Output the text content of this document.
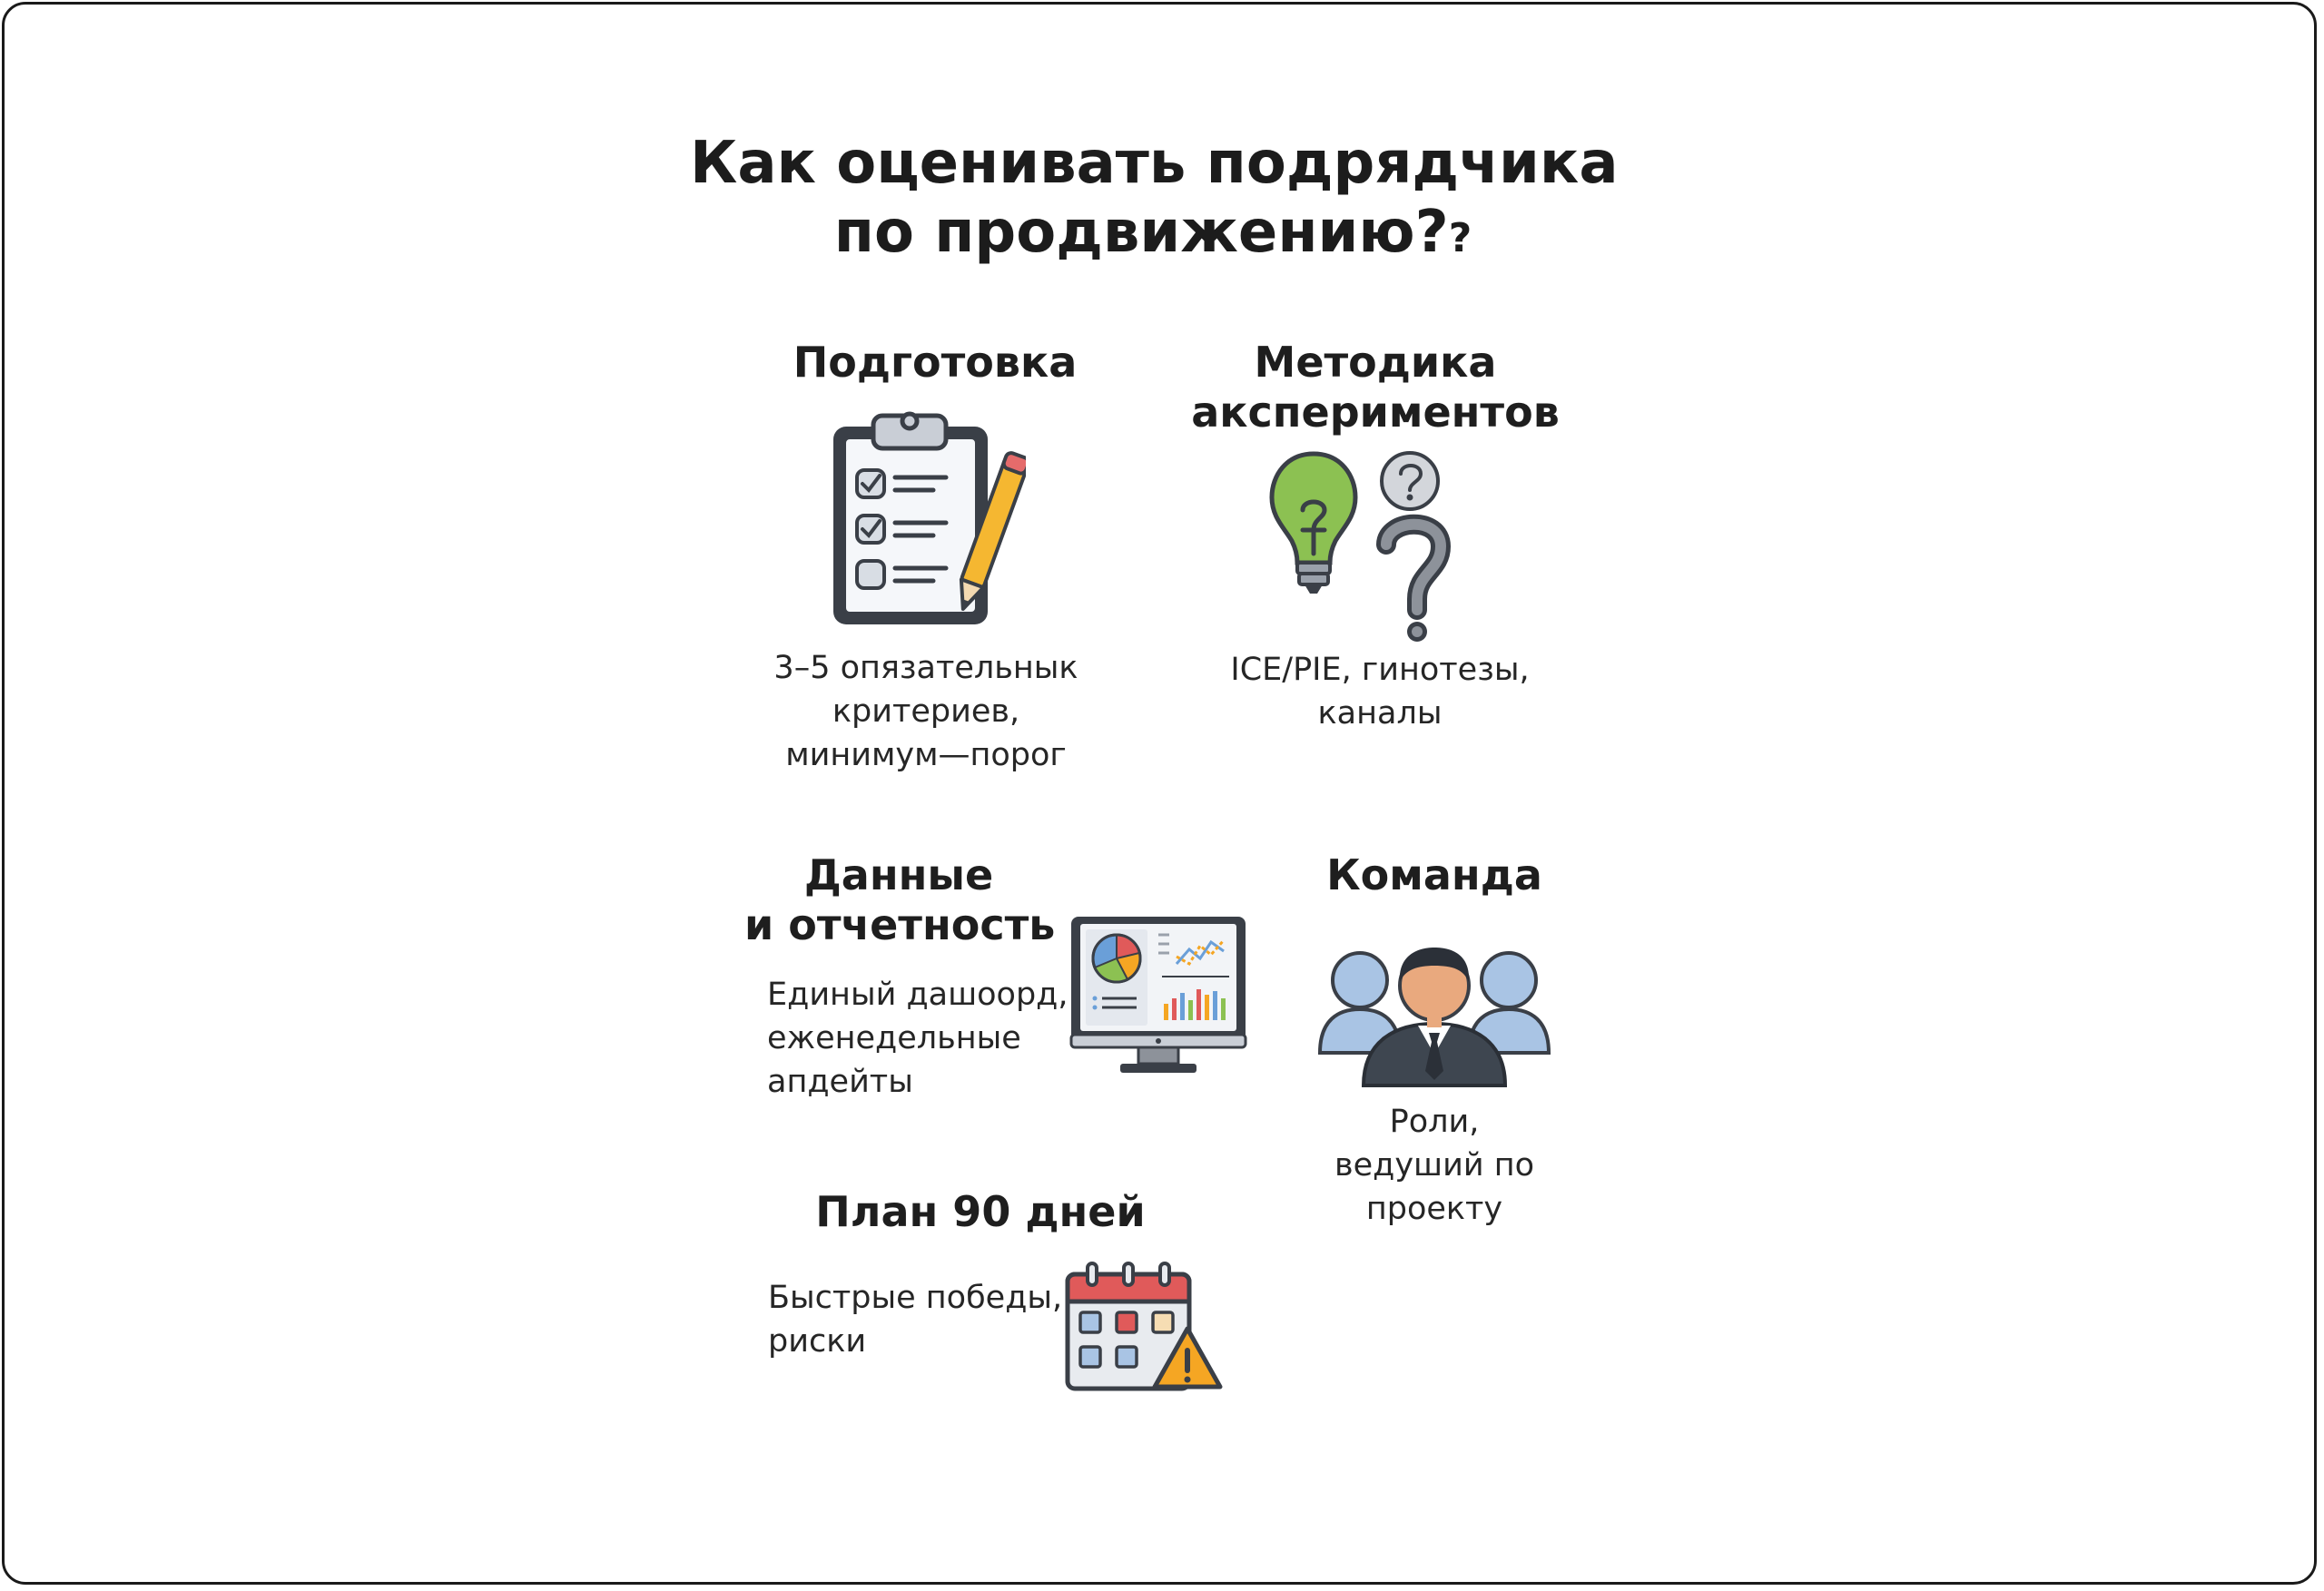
Как оценивать подрядчика
по продвижению??
Подготовка
3–5 опязательнык
критериев,
минимум—порог
Методика
акспериментов
ICE/PIE, гинотезы,
каналы
Данные
и отчетность
Единый дашоорд,
еженедельные
апдейты
Команда
Роли,
ведуший по
проекту
План 90 дней
Быстрые победы,
риски
